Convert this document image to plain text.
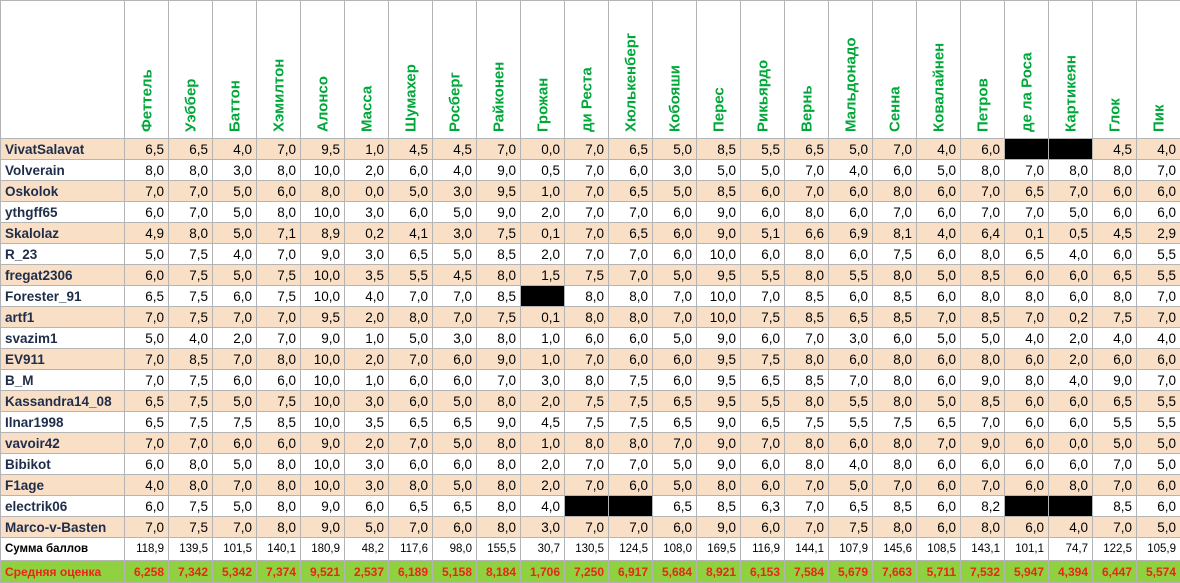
	Феттель	Уэббер	Баттон	Хэмилтон	Алонсо	Масса	Шумахер	Росберг	Райконен	Грожан	ди Реста	Хюлькенберг	Кобояши	Перес	Рикьярдо	Вернь	Мальдонадо	Сенна	Ковалайнен	Петров	де ла Роса	Картикеян	Глок	Пик

VivatSalavat	6,5	6,5	4,0	7,0	9,5	1,0	4,5	4,5	7,0	0,0	7,0	6,5	5,0	8,5	5,5	6,5	5,0	7,0	4,0	6,0			4,5	4,0
Volverain	8,0	8,0	3,0	8,0	10,0	2,0	6,0	4,0	9,0	0,5	7,0	6,0	3,0	5,0	5,0	7,0	4,0	6,0	5,0	8,0	7,0	8,0	8,0	7,0
Oskolok	7,0	7,0	5,0	6,0	8,0	0,0	5,0	3,0	9,5	1,0	7,0	6,5	5,0	8,5	6,0	7,0	6,0	8,0	6,0	7,0	6,5	7,0	6,0	6,0
ythgff65	6,0	7,0	5,0	8,0	10,0	3,0	6,0	5,0	9,0	2,0	7,0	7,0	6,0	9,0	6,0	8,0	6,0	7,0	6,0	7,0	7,0	5,0	6,0	6,0
Skalolaz	4,9	8,0	5,0	7,1	8,9	0,2	4,1	3,0	7,5	0,1	7,0	6,5	6,0	9,0	5,1	6,6	6,9	8,1	4,0	6,4	0,1	0,5	4,5	2,9
R_23	5,0	7,5	4,0	7,0	9,0	3,0	6,5	5,0	8,5	2,0	7,0	7,0	6,0	10,0	6,0	8,0	6,0	7,5	6,0	8,0	6,5	4,0	6,0	5,5
fregat2306	6,0	7,5	5,0	7,5	10,0	3,5	5,5	4,5	8,0	1,5	7,5	7,0	5,0	9,5	5,5	8,0	5,5	8,0	5,0	8,5	6,0	6,0	6,5	5,5
Forester_91	6,5	7,5	6,0	7,5	10,0	4,0	7,0	7,0	8,5		8,0	8,0	7,0	10,0	7,0	8,5	6,0	8,5	6,0	8,0	8,0	6,0	8,0	7,0
artf1	7,0	7,5	7,0	7,0	9,5	2,0	8,0	7,0	7,5	0,1	8,0	8,0	7,0	10,0	7,5	8,5	6,5	8,5	7,0	8,5	7,0	0,2	7,5	7,0
svazim1	5,0	4,0	2,0	7,0	9,0	1,0	5,0	3,0	8,0	1,0	6,0	6,0	5,0	9,0	6,0	7,0	3,0	6,0	5,0	5,0	4,0	2,0	4,0	4,0
EV911	7,0	8,5	7,0	8,0	10,0	2,0	7,0	6,0	9,0	1,0	7,0	6,0	6,0	9,5	7,5	8,0	6,0	8,0	6,0	8,0	6,0	2,0	6,0	6,0
B_M	7,0	7,5	6,0	6,0	10,0	1,0	6,0	6,0	7,0	3,0	8,0	7,5	6,0	9,5	6,5	8,5	7,0	8,0	6,0	9,0	8,0	4,0	9,0	7,0
Kassandra14_08	6,5	7,5	5,0	7,5	10,0	3,0	6,0	5,0	8,0	2,0	7,5	7,5	6,5	9,5	5,5	8,0	5,5	8,0	5,0	8,5	6,0	6,0	6,5	5,5
Ilnar1998	6,5	7,5	7,5	8,5	10,0	3,5	6,5	6,5	9,0	4,5	7,5	7,5	6,5	9,0	6,5	7,5	5,5	7,5	6,5	7,0	6,0	6,0	5,5	5,5
vavoir42	7,0	7,0	6,0	6,0	9,0	2,0	7,0	5,0	8,0	1,0	8,0	8,0	7,0	9,0	7,0	8,0	6,0	8,0	7,0	9,0	6,0	0,0	5,0	5,0
Bibikot	6,0	8,0	5,0	8,0	10,0	3,0	6,0	6,0	8,0	2,0	7,0	7,0	5,0	9,0	6,0	8,0	4,0	8,0	6,0	6,0	6,0	6,0	7,0	5,0
F1age	4,0	8,0	7,0	8,0	10,0	3,0	8,0	5,0	8,0	2,0	7,0	6,0	5,0	8,0	6,0	7,0	5,0	7,0	6,0	7,0	6,0	8,0	7,0	6,0
electrik06	6,0	7,5	5,0	8,0	9,0	6,0	6,5	6,5	8,0	4,0			6,5	8,5	6,3	7,0	6,5	8,5	6,0	8,2			8,5	6,0
Marco-v-Basten	7,0	7,5	7,0	8,0	9,0	5,0	7,0	6,0	8,0	3,0	7,0	7,0	6,0	9,0	6,0	7,0	7,5	8,0	6,0	8,0	6,0	4,0	7,0	5,0
Сумма баллов	118,9	139,5	101,5	140,1	180,9	48,2	117,6	98,0	155,5	30,7	130,5	124,5	108,0	169,5	116,9	144,1	107,9	145,6	108,5	143,1	101,1	74,7	122,5	105,9
Средняя оценка	6,258	7,342	5,342	7,374	9,521	2,537	6,189	5,158	8,184	1,706	7,250	6,917	5,684	8,921	6,153	7,584	5,679	7,663	5,711	7,532	5,947	4,394	6,447	5,574
